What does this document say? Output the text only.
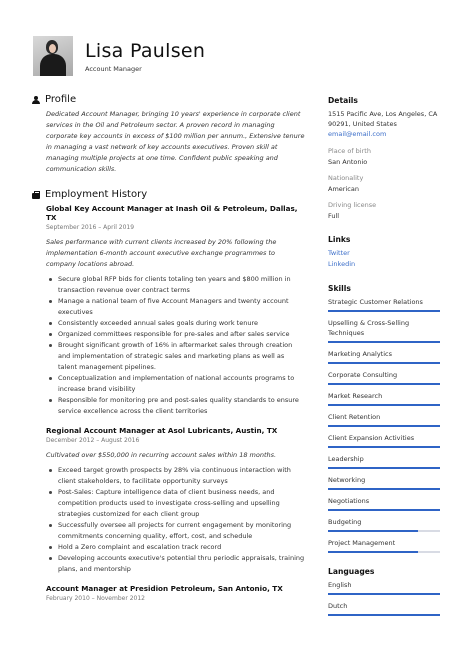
Lisa Paulsen
Account Manager
Profile
Dedicated Account Manager, bringing 10 years' experience in corporate client services in the Oil and Petroleum sector. A proven record in managing corporate key accounts in excess of $100 million per annum., Extensive tenure in managing a vast network of key accounts executives. Proven skill at managing multiple projects at one time. Confident public speaking and communication skills.
Employment History
Global Key Account Manager at Inash Oil & Petroleum, Dallas, TX
September 2016 – April 2019
Sales performance with current clients increased by 20% following the implementation 6-month account executive exchange programmes to company locations abroad.
Secure global RFP bids for clients totaling ten years and $800 million in transaction revenue over contract terms
Manage a national team of five Account Managers and twenty account executives
Consistently exceeded annual sales goals during work tenure
Organized committees responsible for pre-sales and after sales service
Brought significant growth of 16% in aftermarket sales through creation and implementation of strategic sales and marketing plans as well as talent management pipelines.
Conceptualization and implementation of national accounts programs to increase brand visibility
Responsible for monitoring pre and post-sales quality standards to ensure service excellence across the client territories
Regional Account Manager at Asol Lubricants, Austin, TX
December 2012 – August 2016
Cultivated over $550,000 in recurring account sales within 18 months.
Exceed target growth prospects by 28% via continuous interaction with client stakeholders, to facilitate opportunity surveys
Post-Sales: Capture intelligence data of client business needs, and competition products used to investigate cross-selling and upselling strategies customized for each client group
Successfully oversee all projects for current engagement by monitoring commitments concerning quality, effort, cost, and schedule
Hold a Zero complaint and escalation track record
Developing accounts executive's potential thru periodic appraisals, training plans, and mentorship
Account Manager at Presidion Petroleum, San Antonio, TX
February 2010 – November 2012
Details
1515 Pacific Ave, Los Angeles, CA
90291, United States
email@email.com
Place of birth
San Antonio
Nationality
American
Driving license
Full
Links
Twitter
Linkedin
Skills
Strategic Customer Relations
Upselling & Cross-Selling Techniques
Marketing Analytics
Corporate Consulting
Market Research
Client Retention
Client Expansion Activities
Leadership
Networking
Negotiations
Budgeting
Project Management
Languages
English
Dutch
